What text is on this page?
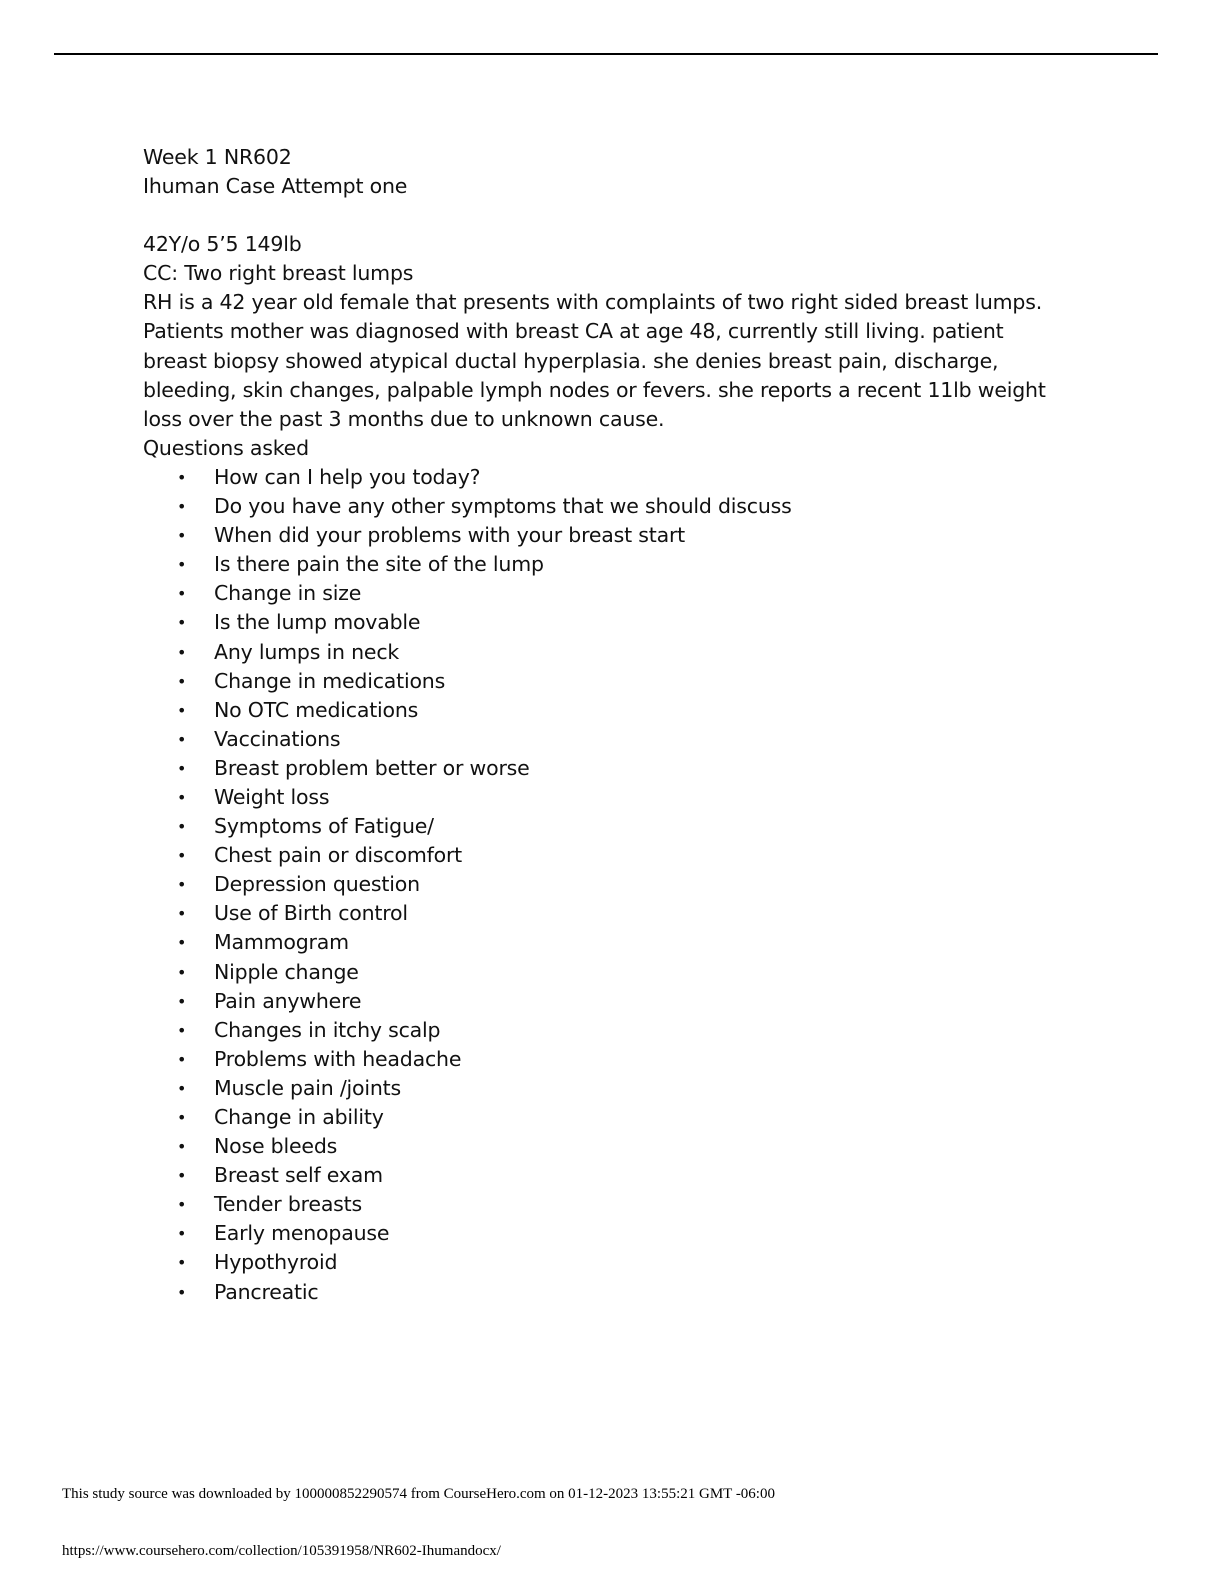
Week 1 NR602
Ihuman Case Attempt one
42Y/o 5’5 149lb
CC: Two right breast lumps
RH is a 42 year old female that presents with complaints of two right sided breast lumps. Patients mother was diagnosed with breast CA at age 48, currently still living. patient breast biopsy showed atypical ductal hyperplasia. she denies breast pain, discharge, bleeding, skin changes, palpable lymph nodes or fevers. she reports a recent 11lb weight loss over the past 3 months due to unknown cause.
Questions asked
• How can I help you today?
• Do you have any other symptoms that we should discuss
• When did your problems with your breast start
• Is there pain the site of the lump
• Change in size
• Is the lump movable
• Any lumps in neck
• Change in medications
• No OTC medications
• Vaccinations
• Breast problem better or worse
• Weight loss
• Symptoms of Fatigue/
• Chest pain or discomfort
• Depression question
• Use of Birth control
• Mammogram
• Nipple change
• Pain anywhere
• Changes in itchy scalp
• Problems with headache
• Muscle pain /joints
• Change in ability
• Nose bleeds
• Breast self exam
• Tender breasts
• Early menopause
• Hypothyroid
• Pancreatic
This study source was downloaded by 100000852290574 from CourseHero.com on 01-12-2023 13:55:21 GMT -06:00
https://www.coursehero.com/collection/105391958/NR602-Ihumandocx/
